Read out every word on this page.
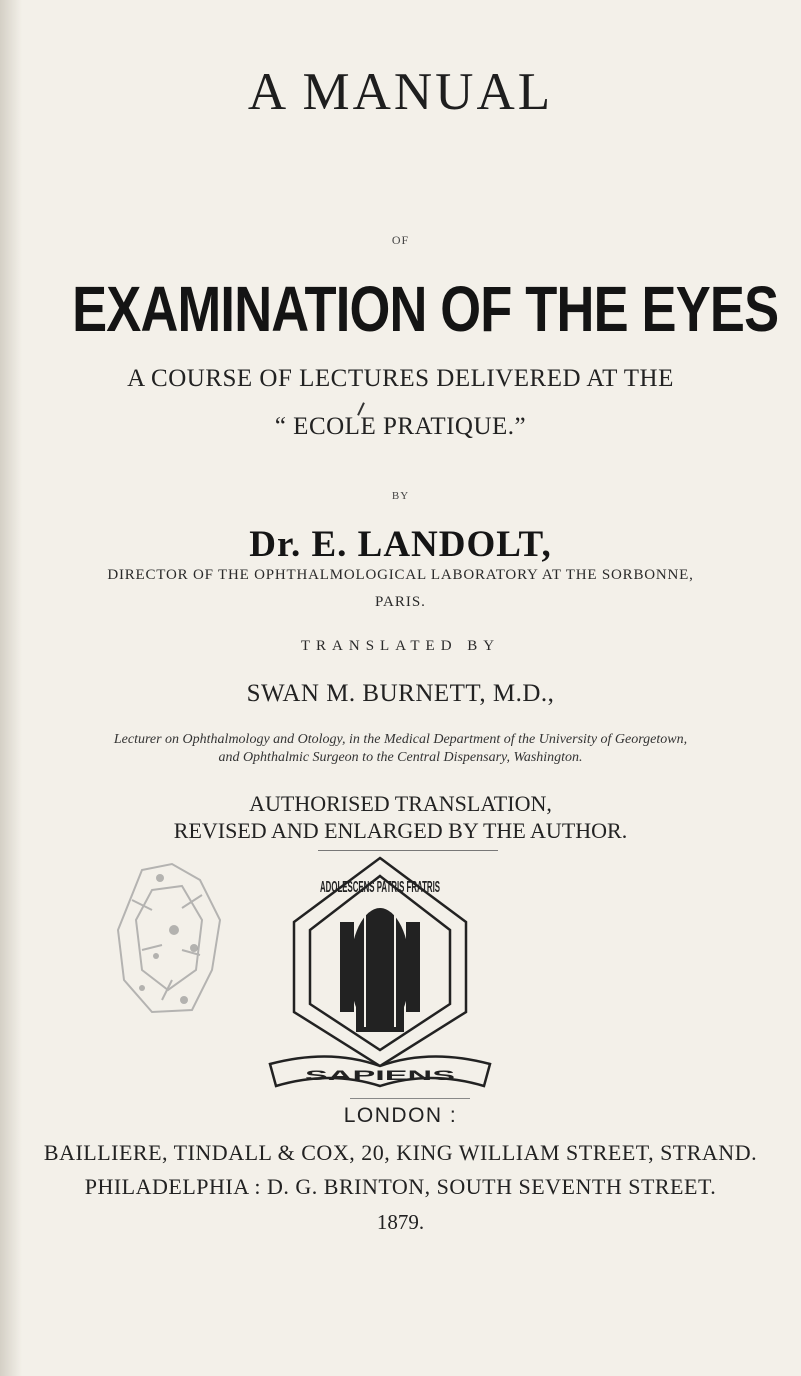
A MANUAL
OF
EXAMINATION OF THE EYES
A COURSE OF LECTURES DELIVERED AT THE
“ ECOLE PRATIQUE.”
BY
Dr. E. LANDOLT,
DIRECTOR OF THE OPHTHALMOLOGICAL LABORATORY AT THE SORBONNE,
PARIS.
TRANSLATED BY
SWAN M. BURNETT, M.D.,
Lecturer on Ophthalmology and Otology, in the Medical Department of the University of Georgetown,
and Ophthalmic Surgeon to the Central Dispensary, Washington.
AUTHORISED TRANSLATION,
REVISED AND ENLARGED BY THE AUTHOR.
ADOLESCENS PATRIS FRATRIS
SAPIENS
LONDON :
BAILLIERE, TINDALL & COX, 20, KING WILLIAM STREET, STRAND.
PHILADELPHIA : D. G. BRINTON, SOUTH SEVENTH STREET.
1879.
